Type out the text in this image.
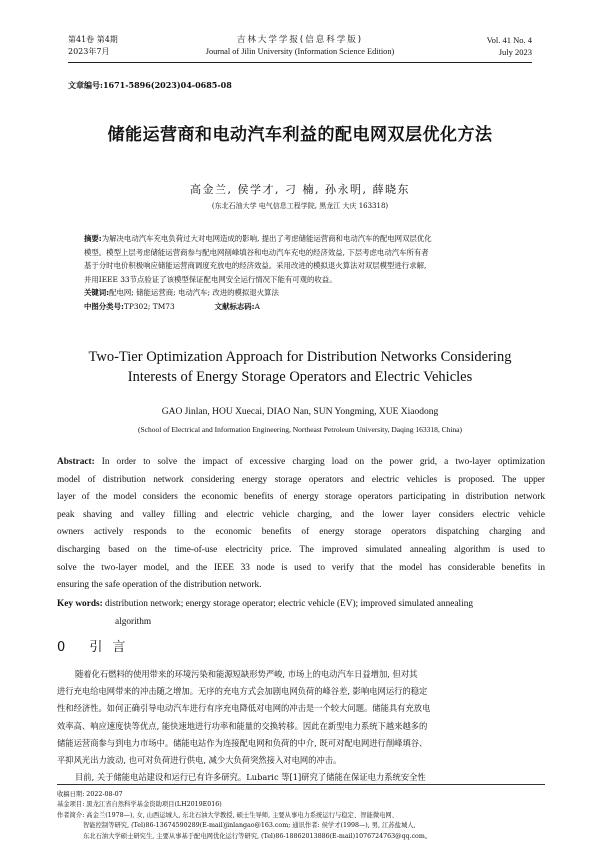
第41卷 第4期
2023年7月
吉林大学学报(信息科学版)
Journal of Jilin University (Information Science Edition)
Vol. 41 No. 4
July 2023
文章编号:1671-5896(2023)04-0685-08
储能运营商和电动汽车利益的配电网双层优化方法
高金兰, 侯学才, 刁 楠, 孙永明, 薛晓东
(东北石油大学 电气信息工程学院, 黑龙江 大庆 163318)
摘要:为解决电动汽车充电负荷过大对电网造成的影响, 提出了考虑储能运营商和电动汽车的配电网双层优化
模型。模型上层考虑储能运营商参与配电网削峰填谷和电动汽车充电的经济效益, 下层考虑电动汽车所有者
基于分时电价积极响应储能运营商调度充放电的经济效益。采用改进的模拟退火算法对双层模型进行求解,
并用IEEE 33节点验证了该模型保证配电网安全运行情况下能有可观的收益。
关键词:配电网; 储能运营商; 电动汽车; 改进的模拟退火算法
中图分类号:TP302; TM73	文献标志码:A
Two-Tier Optimization Approach for Distribution Networks Considering
Interests of Energy Storage Operators and Electric Vehicles
GAO Jinlan, HOU Xuecai, DIAO Nan, SUN Yongming, XUE Xiaodong
(School of Electrical and Information Engineering, Northeast Petroleum University, Daqing 163318, China)
Abstract: In order to solve the impact of excessive charging load on the power grid, a two-layer optimization
model of distribution network considering energy storage operators and electric vehicles is proposed. The upper
layer of the model considers the economic benefits of energy storage operators participating in distribution network
peak shaving and valley filling and electric vehicle charging, and the lower layer considers electric vehicle
owners actively responds to the economic benefits of energy storage operators dispatching charging and
discharging based on the time-of-use electricity price. The improved simulated annealing algorithm is used to
solve the two-layer model, and the IEEE 33 node is used to verify that the model has considerable benefits in
ensuring the safe operation of the distribution network.
Key words: distribution network; energy storage operator; electric vehicle (EV); improved simulated annealing
algorithm
0 引言
随着化石燃料的使用带来的环境污染和能源短缺形势严峻, 市场上的电动汽车日益增加, 但对其
进行充电给电网带来的冲击随之增加。无序的充电方式会加剧电网负荷的峰谷差, 影响电网运行的稳定
性和经济性。如何正确引导电动汽车进行有序充电降低对电网的冲击是一个较大问题。储能具有充放电
效率高、响应速度快等优点, 能快速地进行功率和能量的交换转移。因此在新型电力系统下越来越多的
储能运营商参与到电力市场中。储能电站作为连接配电网和负荷的中介, 既可对配电网进行削峰填谷、
平抑风光出力波动, 也可对负荷进行供电, 减少大负荷突然接入对电网的冲击。
目前, 关于储能电站建设和运行已有许多研究。Lubaric 等[1]研究了储能在保证电力系统安全性
收稿日期: 2022-08-07
基金项目: 黑龙江省自然科学基金资助项目(LH2019E016)
作者简介: 高金兰(1978—), 女, 山西运城人, 东北石油大学教授, 硕士生导师, 主要从事电力系统运行与稳定、智能微电网、
智能控制等研究, (Tel)86-13674590289(E-mail)jinlangao@163.com; 通讯作者: 侯学才(1998—), 男, 江苏盐城人,
东北石油大学硕士研究生, 主要从事基于配电网优化运行等研究, (Tel)86-18862013886(E-mail)1076724763@qq.com。
